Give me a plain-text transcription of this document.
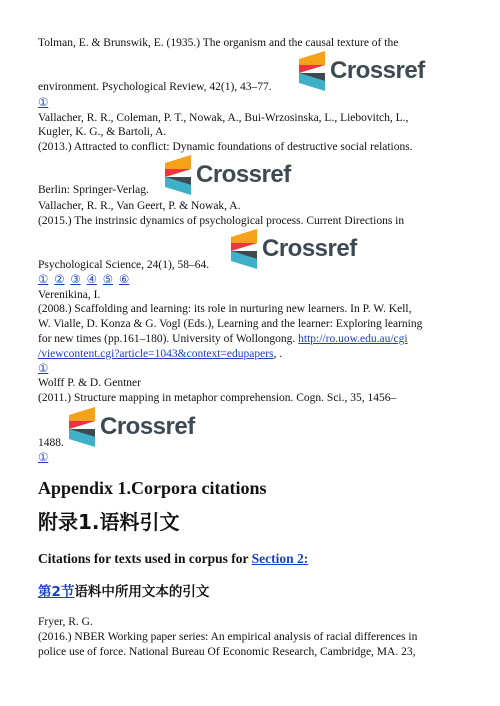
Tolman, E. & Brunswik, E. (1935.) The organism and the causal texture of the
environment. Psychological Review, 42(1), 43–77.
Crossref
①
Vallacher, R. R., Coleman, P. T., Nowak, A., Bui-Wrzosinska, L., Liebovitch, L.,
Kugler, K. G., & Bartoli, A.
(2013.) Attracted to conflict: Dynamic foundations of destructive social relations.
Berlin: Springer-Verlag.
Crossref
Vallacher, R. R., Van Geert, P. & Nowak, A.
(2015.) The instrinsic dynamics of psychological process. Current Directions in
Psychological Science, 24(1), 58–64.
Crossref
① ② ③ ④ ⑤ ⑥
Verenikina, I.
(2008.) Scaffolding and learning: its role in nurturing new learners. In P. W. Kell,
W. Vialle, D. Konza & G. Vogl (Eds.), Learning and the learner: Exploring learning
for new times (pp.161–180). University of Wollongong. http://ro.uow.edu.au/cgi
/viewcontent.cgi?article=1043&context=edupapers, .
①
Wolff P. & D. Gentner
(2011.) Structure mapping in metaphor comprehension. Cogn. Sci., 35, 1456–
1488.
Crossref
①
Appendix 1.Corpora citations
附录1.语料引文
Citations for texts used in corpus for Section 2:
第2节语料中所用文本的引文
Fryer, R. G.
(2016.) NBER Working paper series: An empirical analysis of racial differences in
police use of force. National Bureau Of Economic Research, Cambridge, MA. 23,
